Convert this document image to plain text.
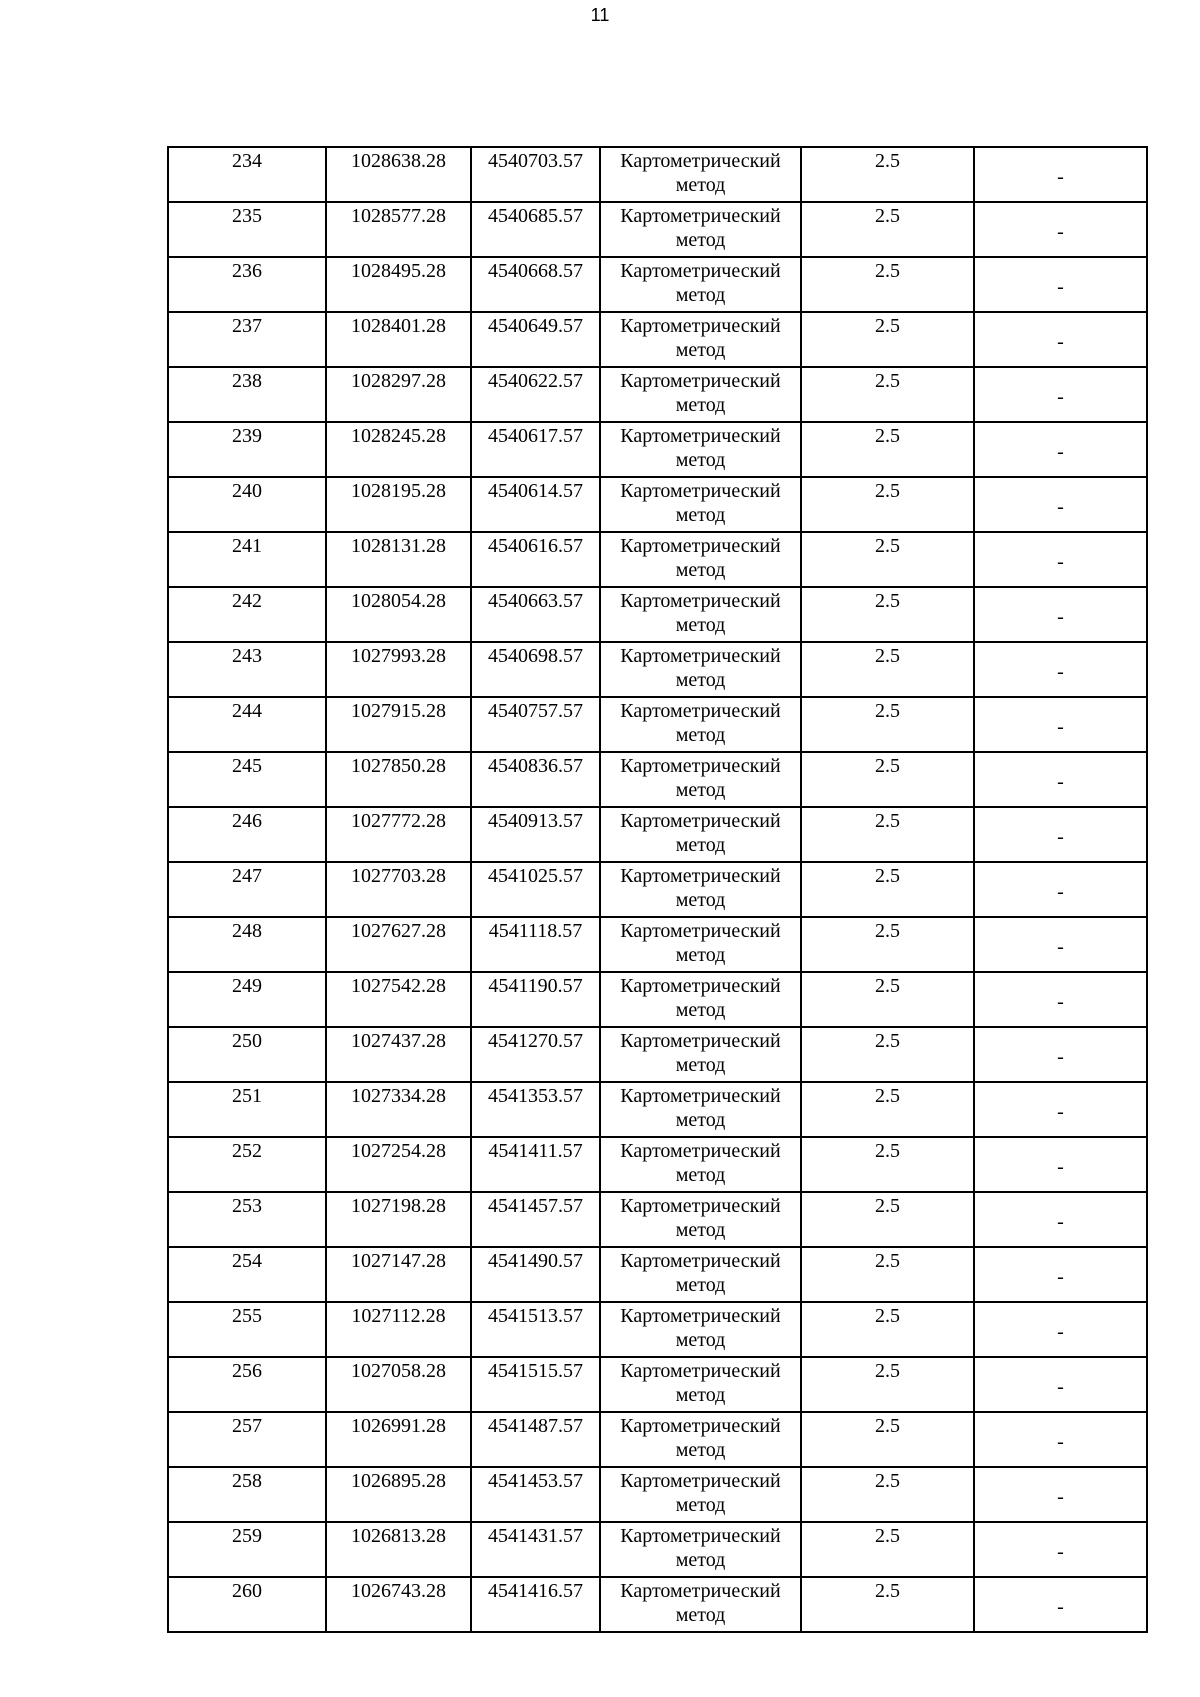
11
234	1028638.28	4540703.57	Картометрический метод	2.5	-
235	1028577.28	4540685.57	Картометрический метод	2.5	-
236	1028495.28	4540668.57	Картометрический метод	2.5	-
237	1028401.28	4540649.57	Картометрический метод	2.5	-
238	1028297.28	4540622.57	Картометрический метод	2.5	-
239	1028245.28	4540617.57	Картометрический метод	2.5	-
240	1028195.28	4540614.57	Картометрический метод	2.5	-
241	1028131.28	4540616.57	Картометрический метод	2.5	-
242	1028054.28	4540663.57	Картометрический метод	2.5	-
243	1027993.28	4540698.57	Картометрический метод	2.5	-
244	1027915.28	4540757.57	Картометрический метод	2.5	-
245	1027850.28	4540836.57	Картометрический метод	2.5	-
246	1027772.28	4540913.57	Картометрический метод	2.5	-
247	1027703.28	4541025.57	Картометрический метод	2.5	-
248	1027627.28	4541118.57	Картометрический метод	2.5	-
249	1027542.28	4541190.57	Картометрический метод	2.5	-
250	1027437.28	4541270.57	Картометрический метод	2.5	-
251	1027334.28	4541353.57	Картометрический метод	2.5	-
252	1027254.28	4541411.57	Картометрический метод	2.5	-
253	1027198.28	4541457.57	Картометрический метод	2.5	-
254	1027147.28	4541490.57	Картометрический метод	2.5	-
255	1027112.28	4541513.57	Картометрический метод	2.5	-
256	1027058.28	4541515.57	Картометрический метод	2.5	-
257	1026991.28	4541487.57	Картометрический метод	2.5	-
258	1026895.28	4541453.57	Картометрический метод	2.5	-
259	1026813.28	4541431.57	Картометрический метод	2.5	-
260	1026743.28	4541416.57	Картометрический метод	2.5	-
